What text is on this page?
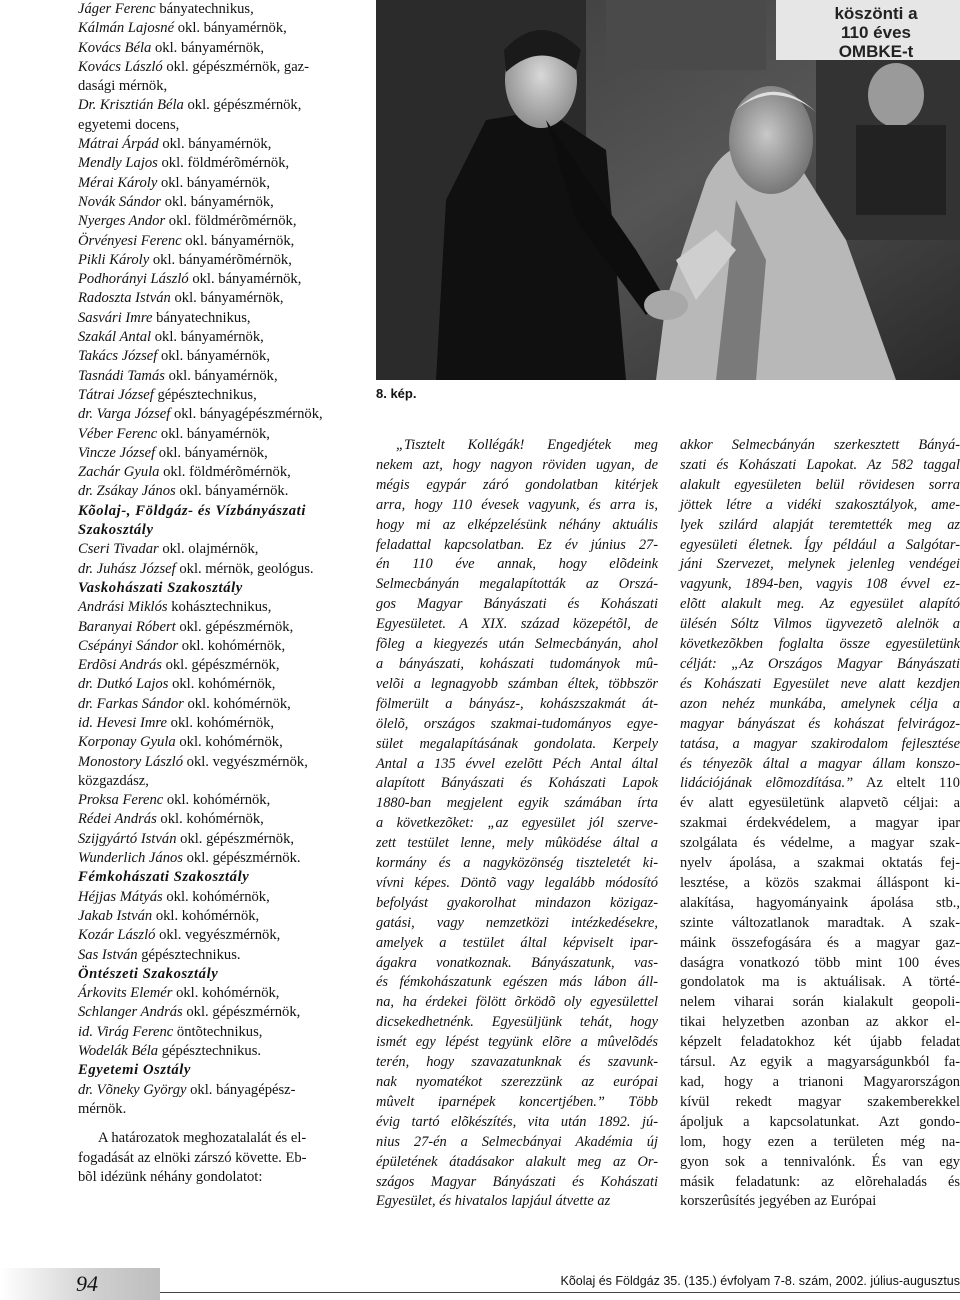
Jáger Ferenc bányatechnikus,
Kálmán Lajosné okl. bányamérnök,
Kovács Béla okl. bányamérnök,
Kovács László okl. gépészmérnök, gaz-
dasági mérnök,
Dr. Krisztián Béla okl. gépészmérnök,
egyetemi docens,
Mátrai Árpád okl. bányamérnök,
Mendly Lajos okl. földmérõmérnök,
Mérai Károly okl. bányamérnök,
Novák Sándor okl. bányamérnök,
Nyerges Andor okl. földmérõmérnök,
Örvényesi Ferenc okl. bányamérnök,
Pikli Károly okl. bányamérõmérnök,
Podhorányi László okl. bányamérnök,
Radoszta István okl. bányamérnök,
Sasvári Imre bányatechnikus,
Szakál Antal okl. bányamérnök,
Takács József okl. bányamérnök,
Tasnádi Tamás okl. bányamérnök,
Tátrai József gépésztechnikus,
dr. Varga József okl. bányagépészmérnök,
Véber Ferenc okl. bányamérnök,
Vincze József okl. bányamérnök,
Zachár Gyula okl. földmérõmérnök,
dr. Zsákay János okl. bányamérnök.
Kõolaj-, Földgáz- és Vízbányászati
Szakosztály
Cseri Tivadar okl. olajmérnök,
dr. Juhász József okl. mérnök, geológus.
Vaskohászati Szakosztály
Andrási Miklós kohásztechnikus,
Baranyai Róbert okl. gépészmérnök,
Csépányi Sándor okl. kohómérnök,
Erdõsi András okl. gépészmérnök,
dr. Dutkó Lajos okl. kohómérnök,
dr. Farkas Sándor okl. kohómérnök,
id. Hevesi Imre okl. kohómérnök,
Korponay Gyula okl. kohómérnök,
Monostory László okl. vegyészmérnök,
közgazdász,
Proksa Ferenc okl. kohómérnök,
Rédei András okl. kohómérnök,
Szijgyártó István okl. gépészmérnök,
Wunderlich János okl. gépészmérnök.
Fémkohászati Szakosztály
Héjjas Mátyás okl. kohómérnök,
Jakab István okl. kohómérnök,
Kozár László okl. vegyészmérnök,
Sas István gépésztechnikus.
Öntészeti Szakosztály
Árkovits Elemér okl. kohómérnök,
Schlanger András okl. gépészmérnök,
id. Virág Ferenc öntõtechnikus,
Wodelák Béla gépésztechnikus.
Egyetemi Osztály
dr. Võneky György okl. bányagépész-
mérnök.
A határozatok meghozatalalát és el-
fogadását az elnöki zárszó követte. Eb-
bõl idézünk néhány gondolatot:
köszönti a
110 éves
OMBKE-t
8. kép.
„Tisztelt Kollégák! Engedjétek meg
nekem azt, hogy nagyon röviden ugyan, de
mégis egypár záró gondolatban kitérjek
arra, hogy 110 évesek vagyunk, és arra is,
hogy mi az elképzelésünk néhány aktuális
feladattal kapcsolatban. Ez év június 27-
én 110 éve annak, hogy elõdeink
Selmecbányán megalapították az Orszá-
gos Magyar Bányászati és Kohászati
Egyesületet. A XIX. század közepétõl, de
fõleg a kiegyezés után Selmecbányán, ahol
a bányászati, kohászati tudományok mû-
velõi a legnagyobb számban éltek, többször
fölmerült a bányász-, kohászszakmát át-
ölelõ, országos szakmai-tudományos egye-
sület megalapításának gondolata. Kerpely
Antal a 135 évvel ezelõtt Péch Antal által
alapított Bányászati és Kohászati Lapok
1880-ban megjelent egyik számában írta
a következõket: „az egyesület jól szerve-
zett testület lenne, mely mûködése által a
kormány és a nagyközönség tiszteletét ki-
vívni képes. Döntõ vagy legalább módosító
befolyást gyakorolhat mindazon közigaz-
gatási, vagy nemzetközi intézkedésekre,
amelyek a testület által képviselt ipar-
ágakra vonatkoznak. Bányászatunk, vas-
és fémkohászatunk egészen más lábon áll-
na, ha érdekei fölött õrködõ oly egyesülettel
dicsekedhetnénk. Egyesüljünk tehát, hogy
ismét egy lépést tegyünk elõre a mûvelõdés
terén, hogy szavazatunknak és szavunk-
nak nyomatékot szerezzünk az európai
mûvelt iparnépek koncertjében.” Több
évig tartó elõkészítés, vita után 1892. jú-
nius 27-én a Selmecbányai Akadémia új
épületének átadásakor alakult meg az Or-
szágos Magyar Bányászati és Kohászati
Egyesület, és hivatalos lapjául átvette az
akkor Selmecbányán szerkesztett Bányá-
szati és Kohászati Lapokat. Az 582 taggal
alakult egyesületen belül rövidesen sorra
jöttek létre a vidéki szakosztályok, ame-
lyek szilárd alapját teremtették meg az
egyesületi életnek. Így például a Salgótar-
jáni Szervezet, melynek jelenleg vendégei
vagyunk, 1894-ben, vagyis 108 évvel ez-
elõtt alakult meg. Az egyesület alapító
ülésén Sóltz Vilmos ügyvezetõ alelnök a
következõkben foglalta össze egyesületünk
célját: „Az Országos Magyar Bányászati
és Kohászati Egyesület neve alatt kezdjen
azon nehéz munkába, amelynek célja a
magyar bányászat és kohászat felvirágoz-
tatása, a magyar szakirodalom fejlesztése
és tényezõk által a magyar állam konszo-
lidációjának elõmozdítása.” Az eltelt 110
év alatt egyesületünk alapvetõ céljai: a
szakmai érdekvédelem, a magyar ipar
szolgálata és védelme, a magyar szak-
nyelv ápolása, a szakmai oktatás fej-
lesztése, a közös szakmai álláspont ki-
alakítása, hagyományaink ápolása stb.,
szinte változatlanok maradtak. A szak-
máink összefogására és a magyar gaz-
daságra vonatkozó több mint 100 éves
gondolatok ma is aktuálisak. A törté-
nelem viharai során kialakult geopoli-
tikai helyzetben azonban az akkor el-
képzelt feladatokhoz két újabb feladat
társul. Az egyik a magyarságunkból fa-
kad, hogy a trianoni Magyarországon
kívül rekedt magyar szakemberekkel
ápoljuk a kapcsolatunkat. Azt gondo-
lom, hogy ezen a területen még na-
gyon sok a tennivalónk. És van egy
másik feladatunk: az elõrehaladás és
korszerûsítés jegyében az Európai
94	Kõolaj és Földgáz 35. (135.) évfolyam 7-8. szám, 2002. július-augusztus
